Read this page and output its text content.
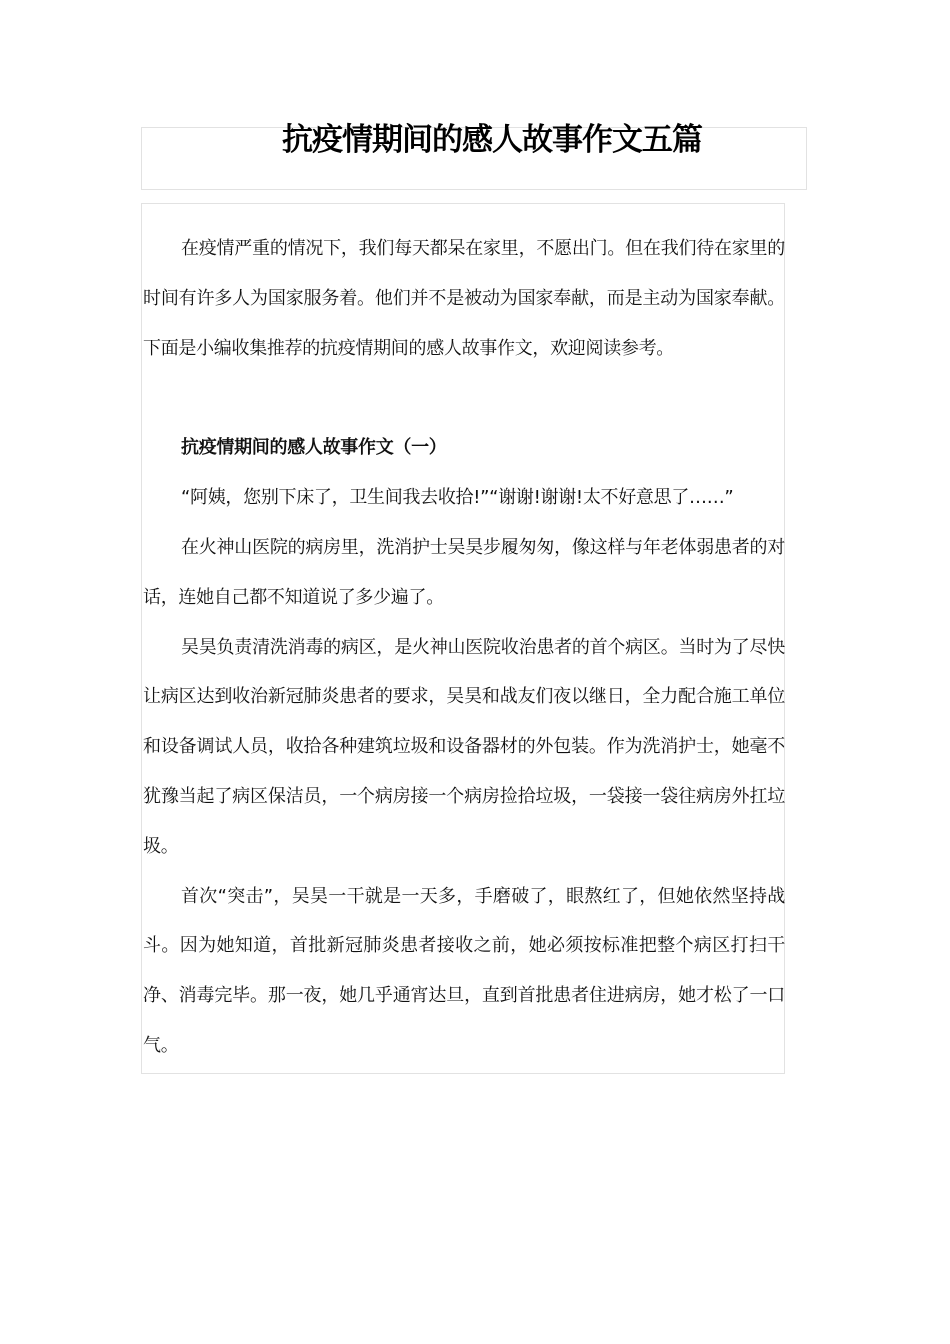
抗疫情期间的感人故事作文五篇

在疫情严重的情况下，我们每天都呆在家里，不愿出门。但在我们待在家里的时间有许多人为国家服务着。他们并不是被动为国家奉献，而是主动为国家奉献。下面是小编收集推荐的抗疫情期间的感人故事作文，欢迎阅读参考。

抗疫情期间的感人故事作文（一）

“阿姨，您别下床了，卫生间我去收拾!”“谢谢!谢谢!太不好意思了……”

在火神山医院的病房里，洗消护士吴昊步履匆匆，像这样与年老体弱患者的对话，连她自己都不知道说了多少遍了。

吴昊负责清洗消毒的病区，是火神山医院收治患者的首个病区。当时为了尽快让病区达到收治新冠肺炎患者的要求，吴昊和战友们夜以继日，全力配合施工单位和设备调试人员，收拾各种建筑垃圾和设备器材的外包装。作为洗消护士，她毫不犹豫当起了病区保洁员，一个病房接一个病房捡拾垃圾，一袋接一袋往病房外扛垃圾。

首次“突击”，吴昊一干就是一天多，手磨破了，眼熬红了，但她依然坚持战斗。因为她知道，首批新冠肺炎患者接收之前，她必须按标准把整个病区打扫干净、消毒完毕。那一夜，她几乎通宵达旦，直到首批患者住进病房，她才松了一口气。
